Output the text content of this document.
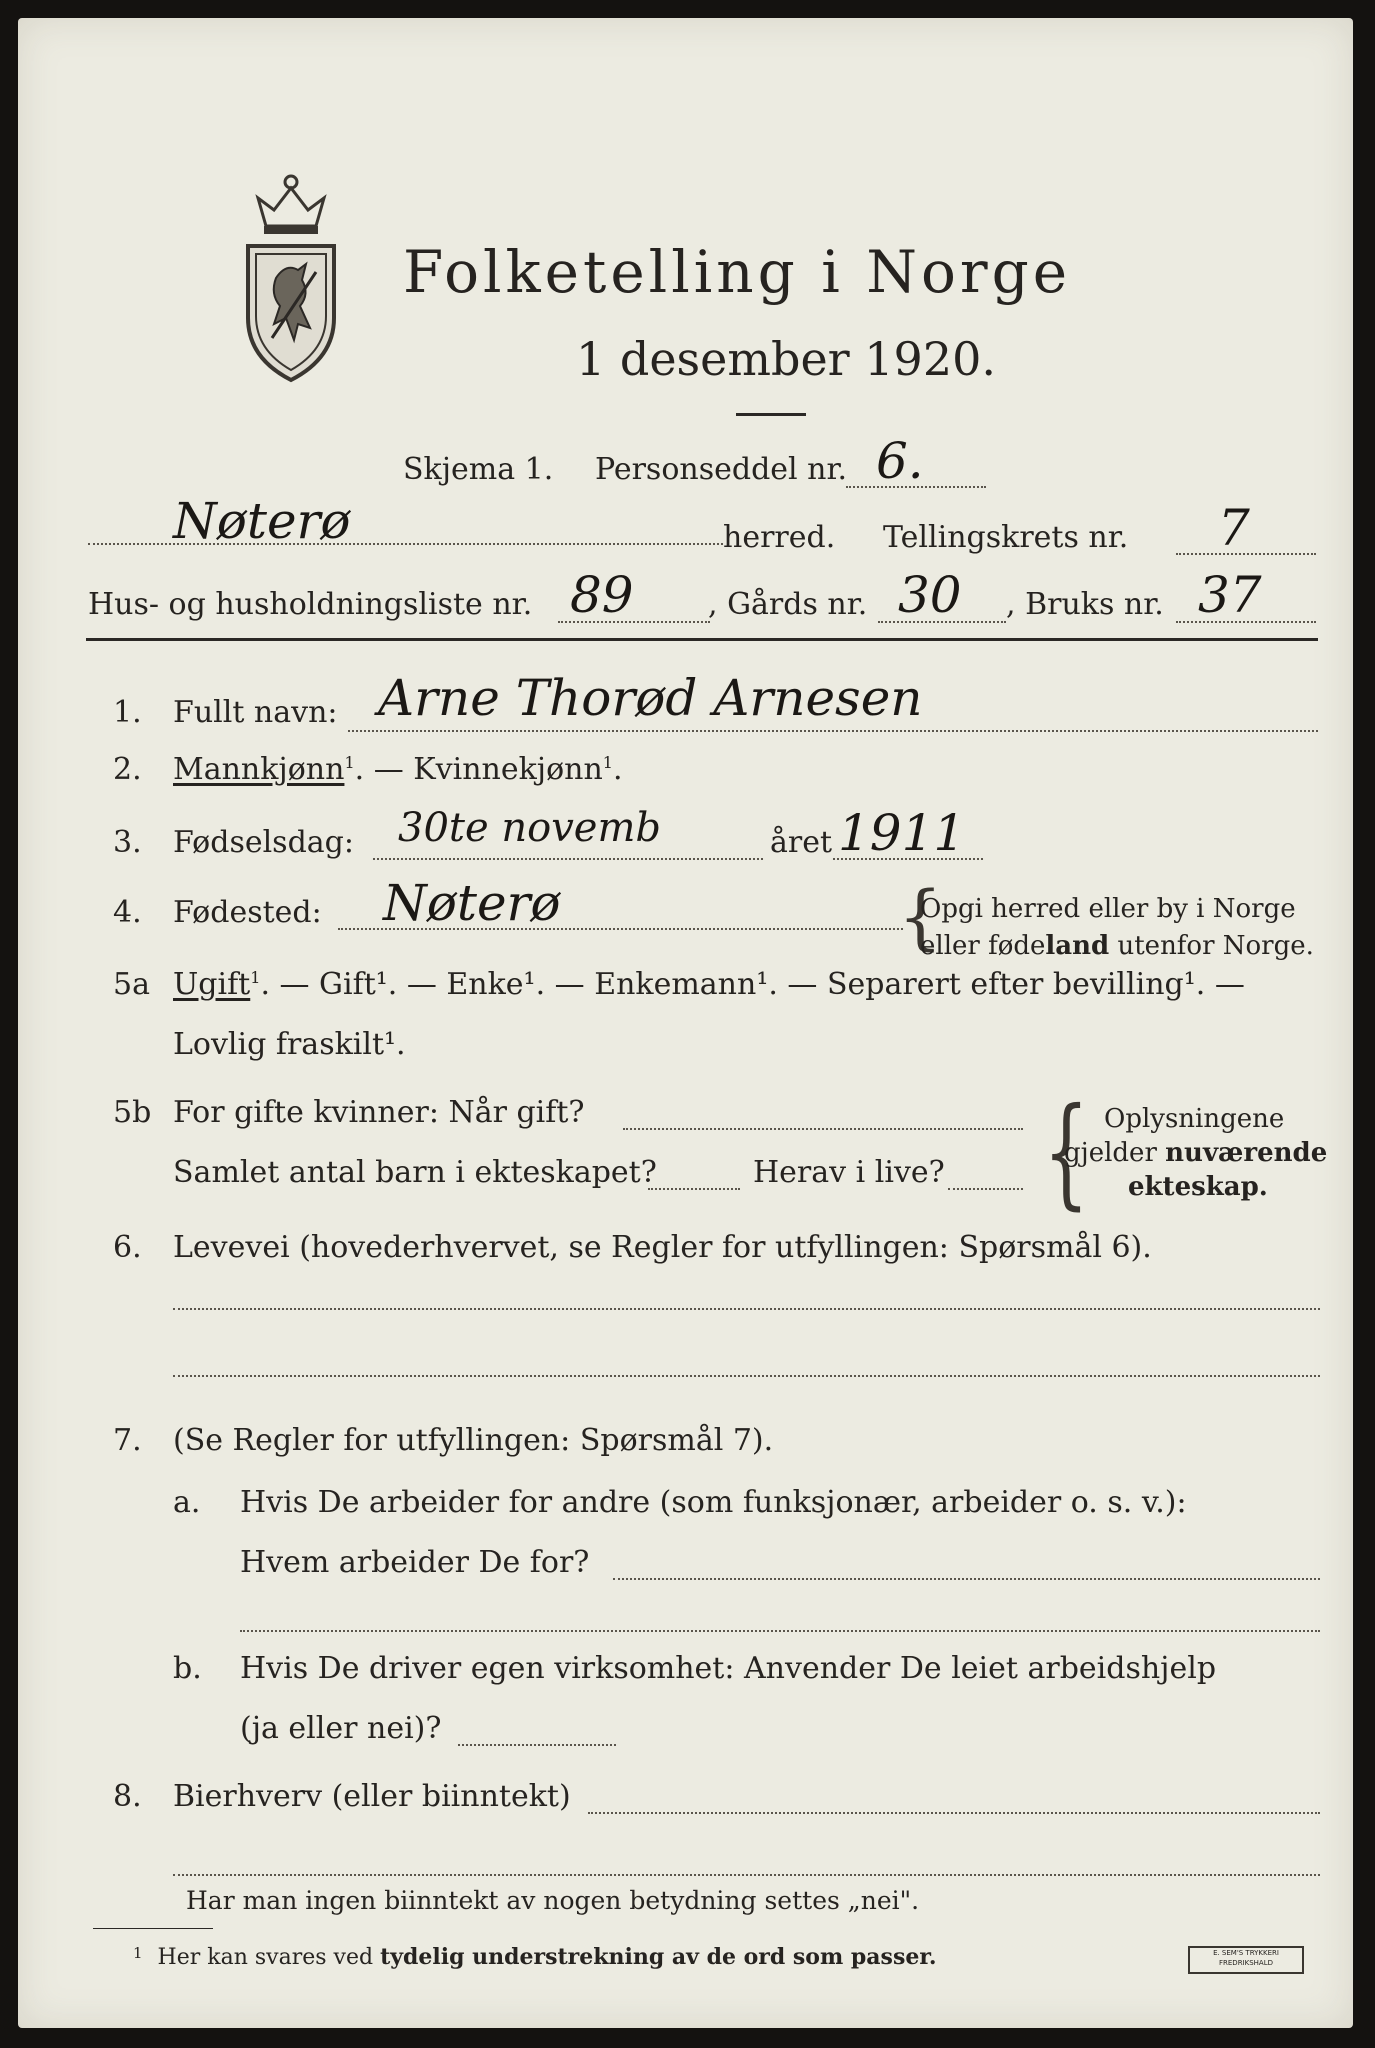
Folketelling i Norge
1 desember 1920.
Skjema 1. Personseddel nr. 6.
Nøterø	herred. Tellingskrets nr. 7
Hus- og husholdningsliste nr. 89 , Gårds nr. 30 , Bruks nr. 37
1. Fullt navn: Arne Thorød Arnesen
2. Mannkjønn$^1$. — Kvinnekjønn$^1$.
3. Fødselsdag: 30te novemb	året 1911
4. Fødested: Nøterø	{
Opgi herred eller by i Norge
eller fødeland utenfor Norge.
5a Ugift$^1$. — Gift¹. — Enke¹. — Enkemann¹. — Separert efter bevilling¹. —
Lovlig fraskilt¹.
5b For gifte kvinner: Når gift?
Samlet antal barn i ekteskapet?	Herav i live? { Oplysningene
gjelder nuværende
ekteskap.
6. Levevei (hovederhvervet, se Regler for utfyllingen: Spørsmål 6).
7. (Se Regler for utfyllingen: Spørsmål 7).
a. Hvis De arbeider for andre (som funksjonær, arbeider o. s. v.):
Hvem arbeider De for?
b. Hvis De driver egen virksomhet: Anvender De leiet arbeidshjelp
(ja eller nei)?
8. Bierhverv (eller biinntekt)
Har man ingen biinntekt av nogen betydning settes „nei".
$^1$ Her kan svares ved tydelig understrekning av de ord som passer.	E. SEM'S TRYKKERI FREDRIKSHALD
